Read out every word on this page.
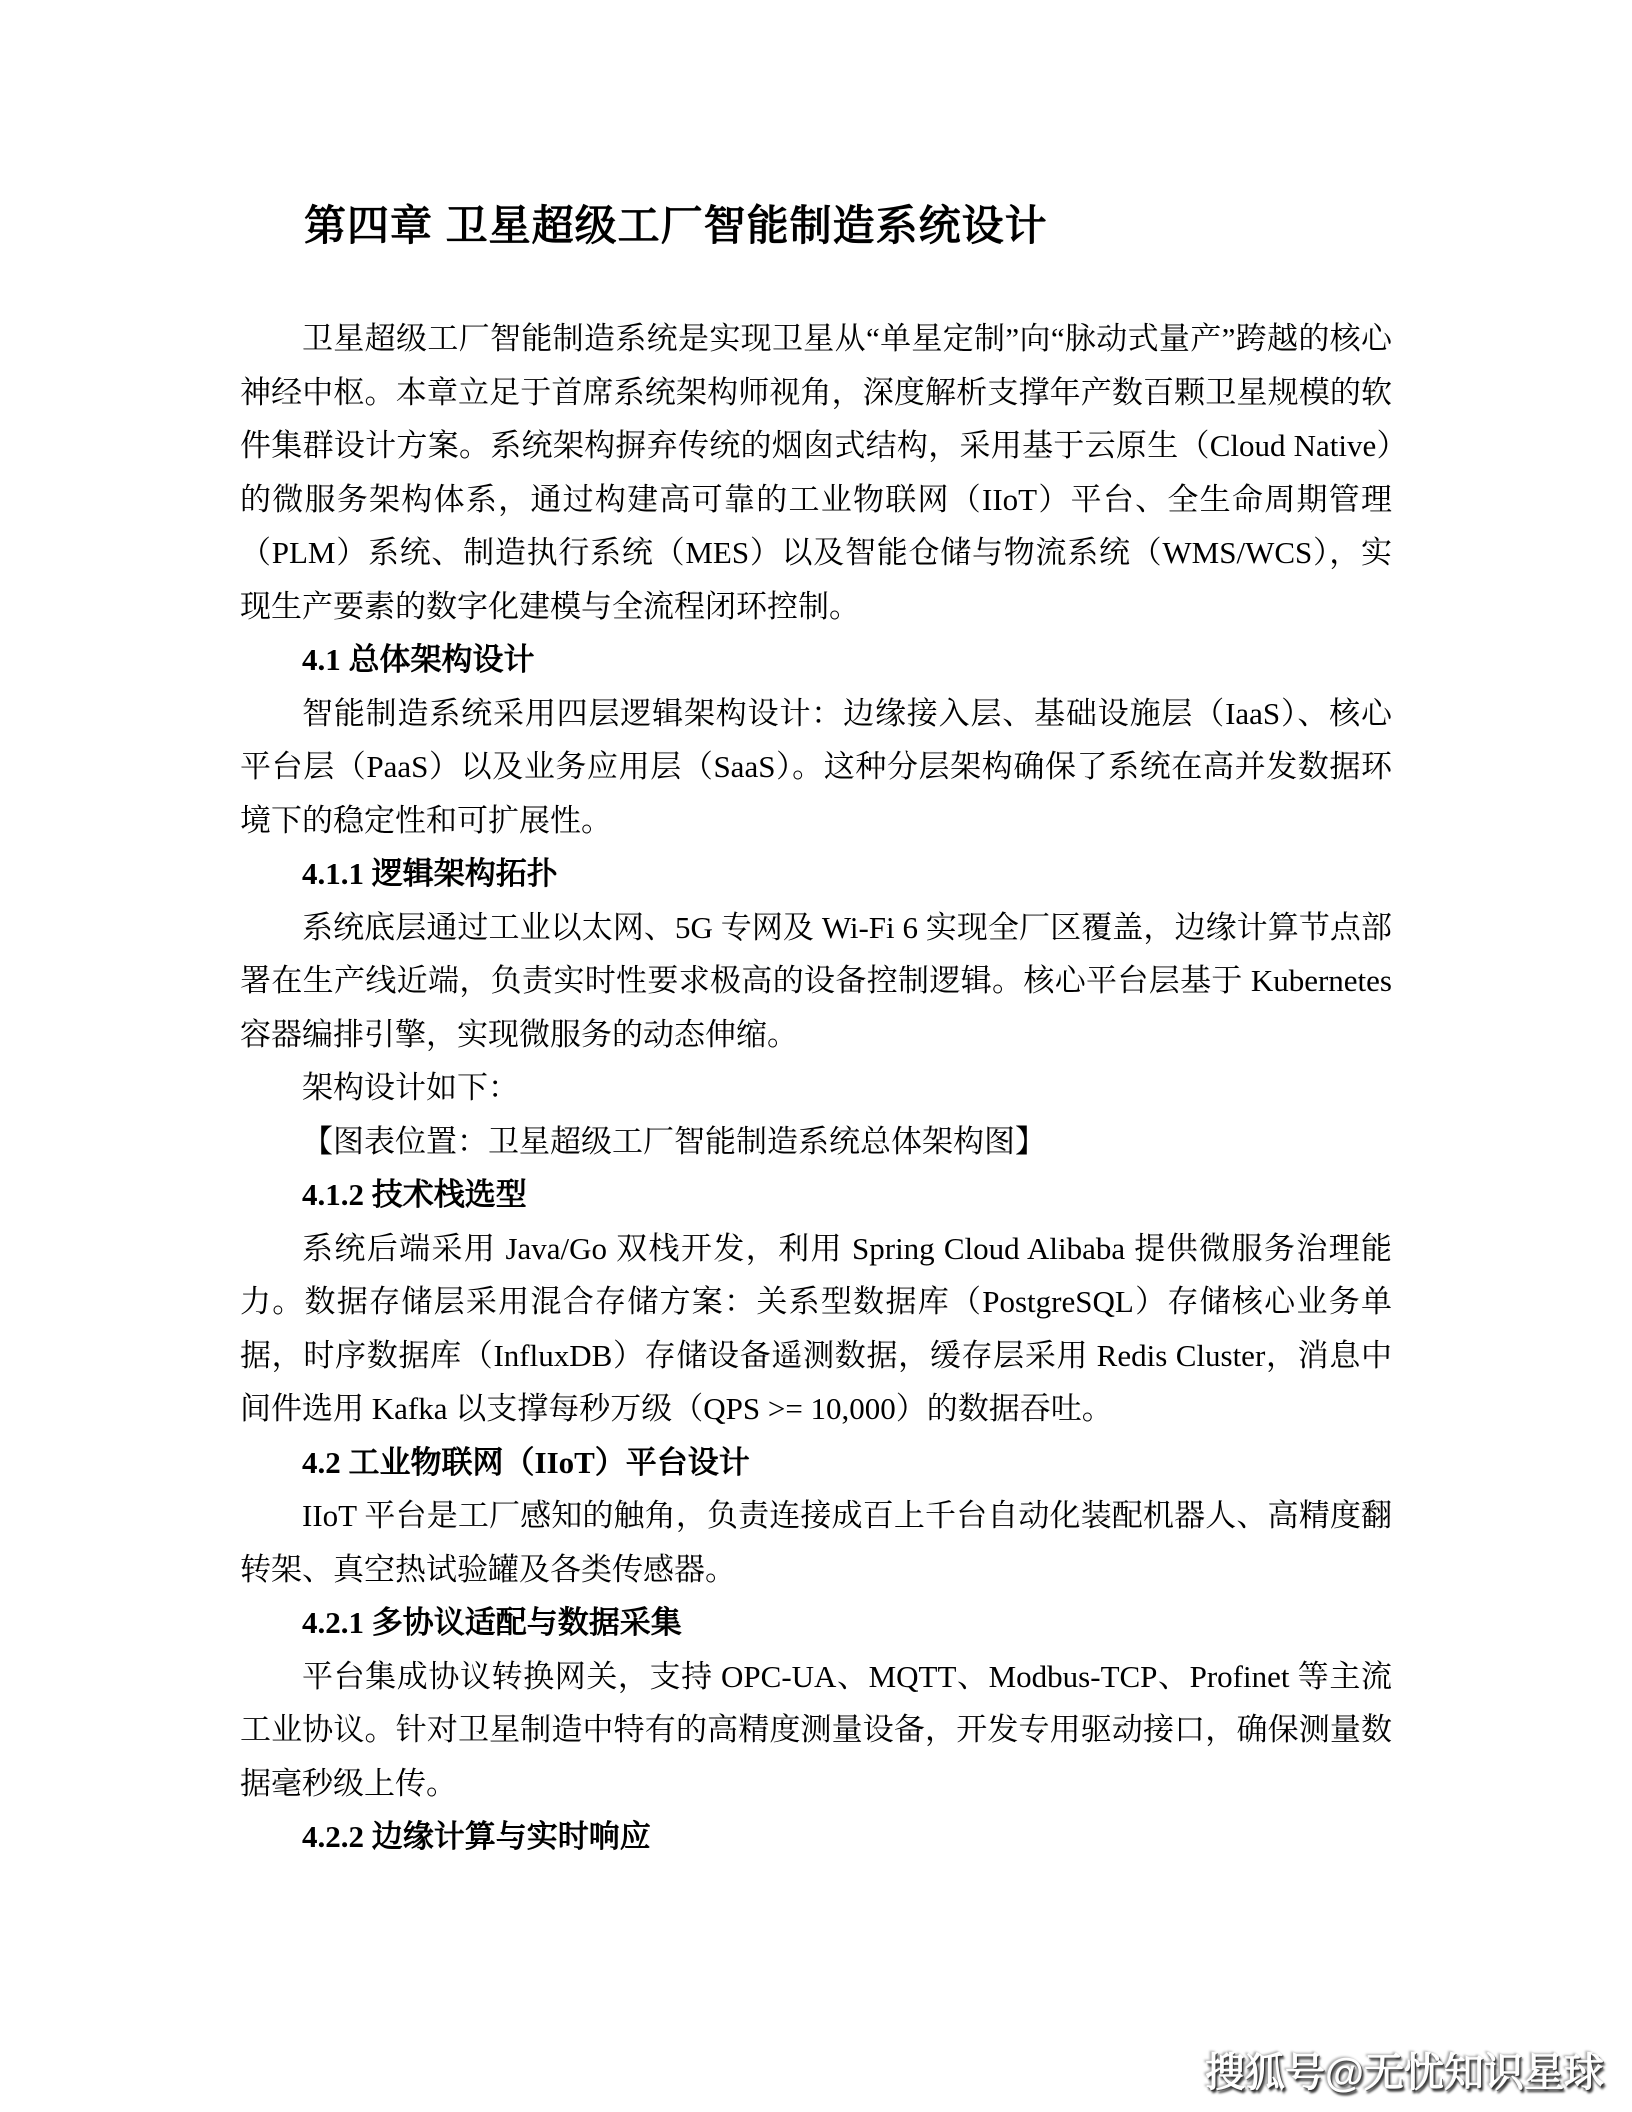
第四章 卫星超级工厂智能制造系统设计

卫星超级工厂智能制造系统是实现卫星从“单星定制”向“脉动式量产”跨越的核心神经中枢。本章立足于首席系统架构师视角，深度解析支撑年产数百颗卫星规模的软件集群设计方案。系统架构摒弃传统的烟囱式结构，采用基于云原生（Cloud Native）的微服务架构体系，通过构建高可靠的工业物联网（IIoT）平台、全生命周期管理（PLM）系统、制造执行系统（MES）以及智能仓储与物流系统（WMS/WCS），实现生产要素的数字化建模与全流程闭环控制。

4.1 总体架构设计

智能制造系统采用四层逻辑架构设计：边缘接入层、基础设施层（IaaS）、核心平台层（PaaS）以及业务应用层（SaaS）。这种分层架构确保了系统在高并发数据环境下的稳定性和可扩展性。

4.1.1 逻辑架构拓扑

系统底层通过工业以太网、5G 专网及 Wi-Fi 6 实现全厂区覆盖，边缘计算节点部署在生产线近端，负责实时性要求极高的设备控制逻辑。核心平台层基于 Kubernetes 容器编排引擎，实现微服务的动态伸缩。

架构设计如下：

【图表位置：卫星超级工厂智能制造系统总体架构图】

4.1.2 技术栈选型

系统后端采用 Java/Go 双栈开发，利用 Spring Cloud Alibaba 提供微服务治理能力。数据存储层采用混合存储方案：关系型数据库（PostgreSQL）存储核心业务单据，时序数据库（InfluxDB）存储设备遥测数据，缓存层采用 Redis Cluster，消息中间件选用 Kafka 以支撑每秒万级（QPS >= 10,000）的数据吞吐。

4.2 工业物联网（IIoT）平台设计

IIoT 平台是工厂感知的触角，负责连接成百上千台自动化装配机器人、高精度翻转架、真空热试验罐及各类传感器。

4.2.1 多协议适配与数据采集

平台集成协议转换网关，支持 OPC-UA、MQTT、Modbus-TCP、Profinet 等主流工业协议。针对卫星制造中特有的高精度测量设备，开发专用驱动接口，确保测量数据毫秒级上传。

4.2.2 边缘计算与实时响应
搜狐号@无忧知识星球
